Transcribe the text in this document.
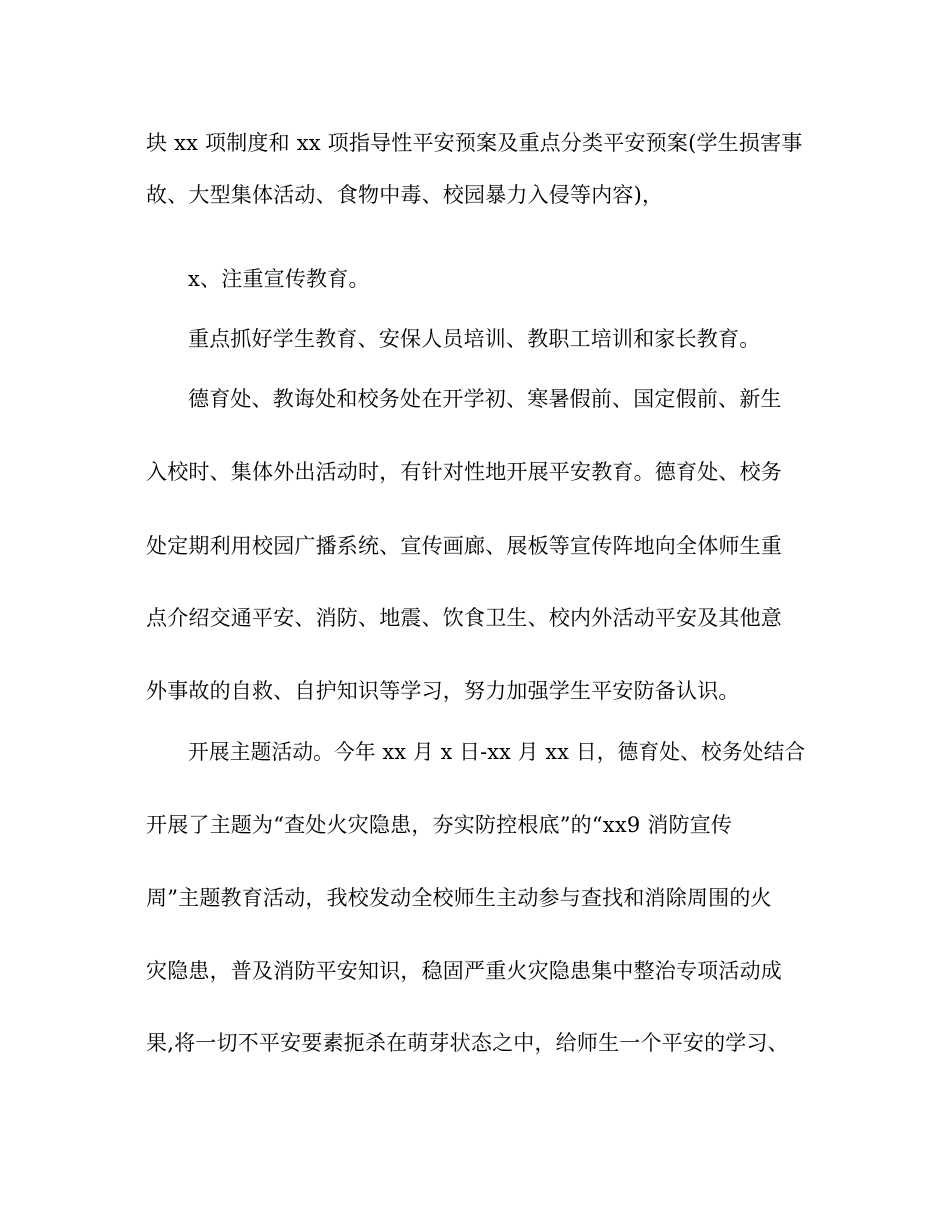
块 xx 项制度和 xx 项指导性平安预案及重点分类平安预案(学生损害事
故、大型集体活动、食物中毒、校园暴力入侵等内容)，
x、注重宣传教育。
重点抓好学生教育、安保人员培训、教职工培训和家长教育。
德育处、教诲处和校务处在开学初、寒暑假前、国定假前、新生
入校时、集体外出活动时，有针对性地开展平安教育。德育处、校务
处定期利用校园广播系统、宣传画廊、展板等宣传阵地向全体师生重
点介绍交通平安、消防、地震、饮食卫生、校内外活动平安及其他意
外事故的自救、自护知识等学习，努力加强学生平安防备认识。
开展主题活动。今年 xx 月 x 日-xx 月 xx 日，德育处、校务处结合
开展了主题为“查处火灾隐患，夯实防控根底”的“xx9 消防宣传
周”主题教育活动，我校发动全校师生主动参与查找和消除周围的火
灾隐患，普及消防平安知识，稳固严重火灾隐患集中整治专项活动成
果,将一切不平安要素扼杀在萌芽状态之中，给师生一个平安的学习、
